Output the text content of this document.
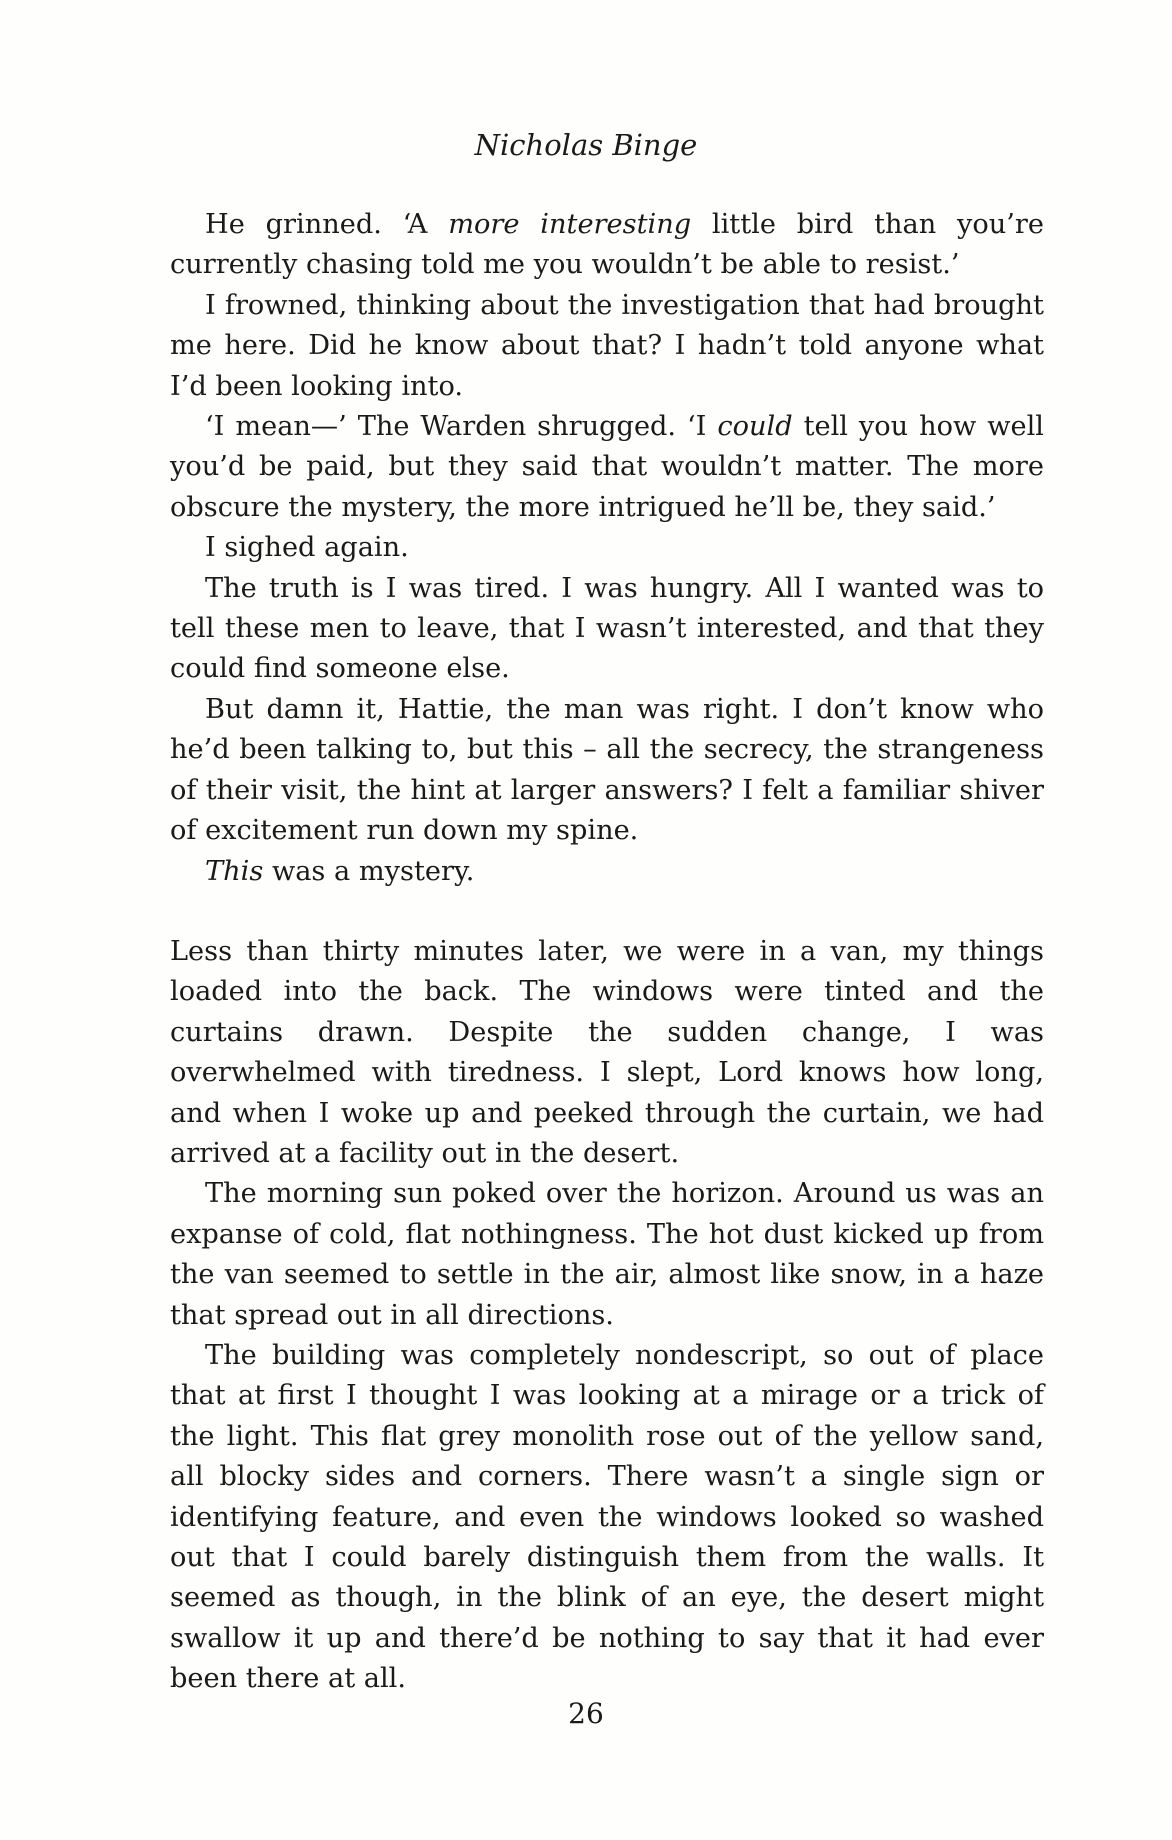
Nicholas Binge

He grinned. ‘A more interesting little bird than you’re currently chasing told me you wouldn’t be able to resist.’

I frowned, thinking about the investigation that had brought me here. Did he know about that? I hadn’t told anyone what I’d been looking into.

‘I mean—’ The Warden shrugged. ‘I could tell you how well you’d be paid, but they said that wouldn’t matter. The more obscure the mystery, the more intrigued he’ll be, they said.’

I sighed again.

The truth is I was tired. I was hungry. All I wanted was to tell these men to leave, that I wasn’t interested, and that they could find someone else.

But damn it, Hattie, the man was right. I don’t know who he’d been talking to, but this – all the secrecy, the strangeness of their visit, the hint at larger answers? I felt a familiar shiver of excitement run down my spine.

This was a mystery.

Less than thirty minutes later, we were in a van, my things loaded into the back. The windows were tinted and the curtains drawn. Despite the sudden change, I was overwhelmed with tiredness. I slept, Lord knows how long, and when I woke up and peeked through the curtain, we had arrived at a facility out in the desert.

The morning sun poked over the horizon. Around us was an expanse of cold, flat nothingness. The hot dust kicked up from the van seemed to settle in the air, almost like snow, in a haze that spread out in all directions.

The building was completely nondescript, so out of place that at first I thought I was looking at a mirage or a trick of the light. This flat grey monolith rose out of the yellow sand, all blocky sides and corners. There wasn’t a single sign or identifying feature, and even the windows looked so washed out that I could barely distinguish them from the walls. It seemed as though, in the blink of an eye, the desert might swallow it up and there’d be nothing to say that it had ever been there at all.

26
